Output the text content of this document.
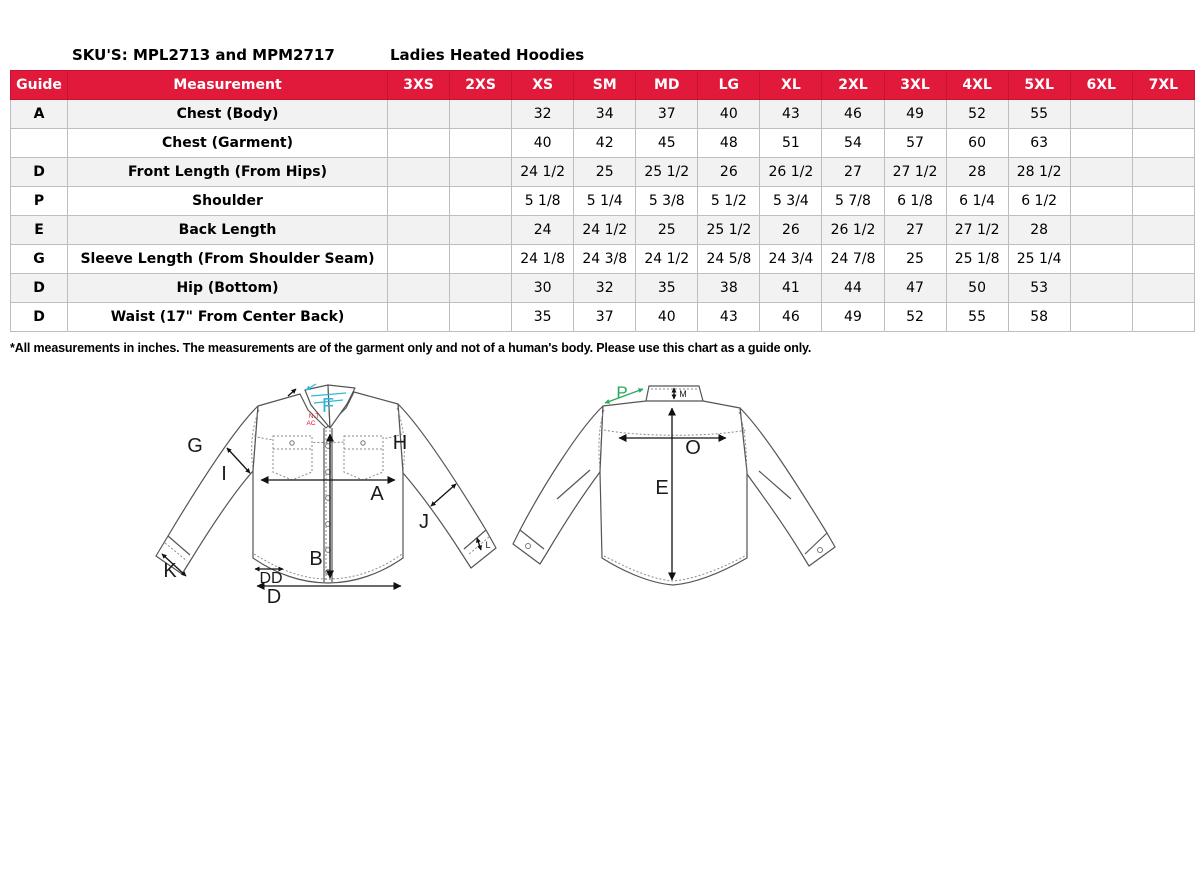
SKU'S: MPL2713 and MPM2717	Ladies Heated Hoodies
Guide	Measurement	3XS	2XS	XS	SM	MD	LG	XL	2XL	3XL	4XL	5XL	6XL	7XL
A	Chest (Body)			32	34	37	40	43	46	49	52	55		
	Chest (Garment)			40	42	45	48	51	54	57	60	63		
D	Front Length (From Hips)			24 1/2	25	25 1/2	26	26 1/2	27	27 1/2	28	28 1/2		
P	Shoulder			5 1/8	5 1/4	5 3/8	5 1/2	5 3/4	5 7/8	6 1/8	6 1/4	6 1/2		
E	Back Length			24	24 1/2	25	25 1/2	26	26 1/2	27	27 1/2	28		
G	Sleeve Length (From Shoulder Seam)			24 1/8	24 3/8	24 1/2	24 5/8	24 3/4	24 7/8	25	25 1/8	25 1/4		
D	Hip (Bottom)			30	32	35	38	41	44	47	50	53		
D	Waist (17" From Center Back)			35	37	40	43	46	49	52	55	58		
*All measurements in inches. The measurements are of the garment only and not of a human's body. Please use this chart as a guide only.
G
I
F
H
A
J
B
K	DD
D
L
N.T
AC
P	M
O
E
